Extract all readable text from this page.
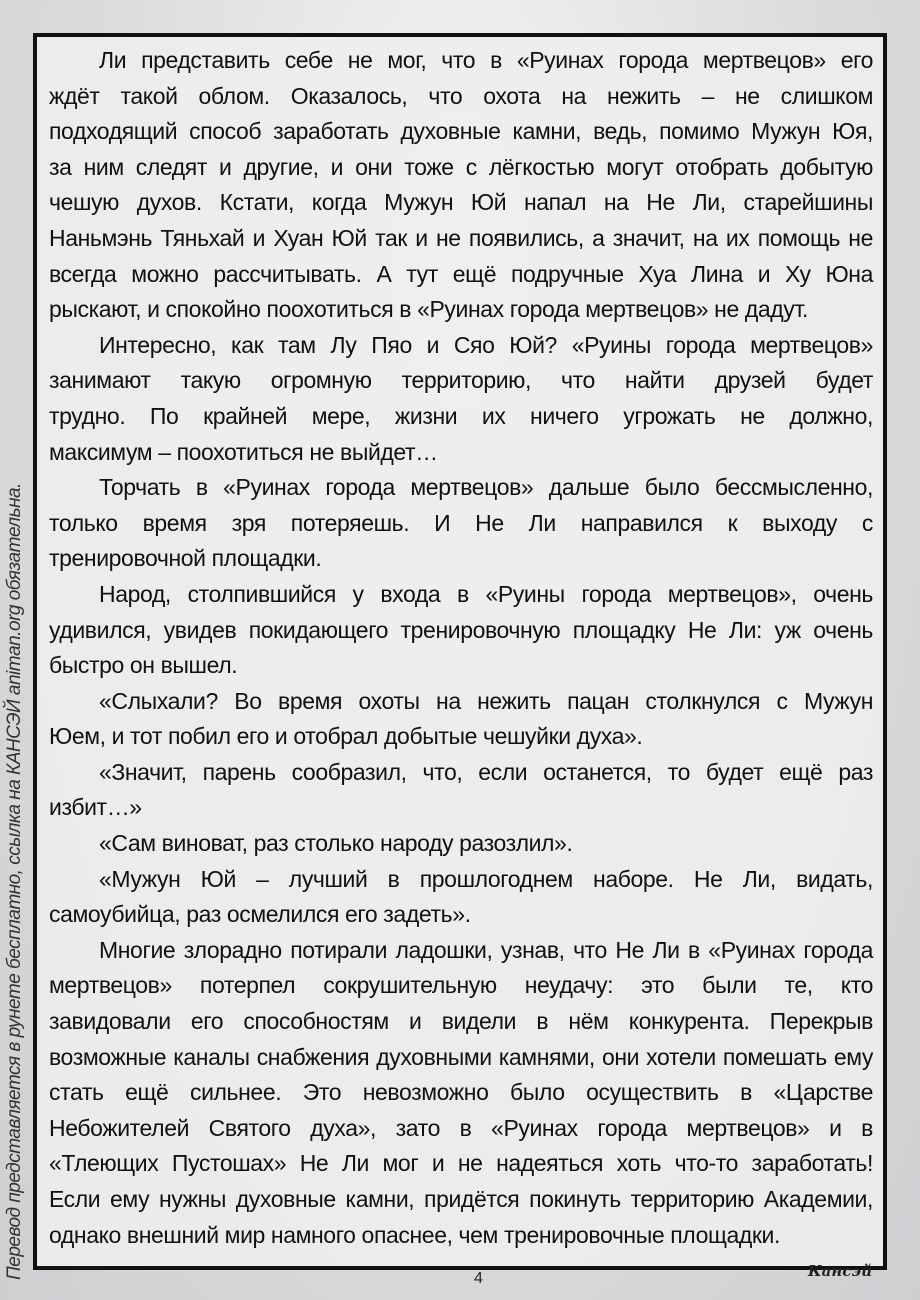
Перевод представляется в рунете бесплатно, ссылка на КАНСЭЙ animan.org обязательна.
Ли представить себе не мог, что в «Руинах города мертвецов» его
ждёт такой облом. Оказалось, что охота на нежить – не слишком
подходящий способ заработать духовные камни, ведь, помимо Мужун Юя,
за ним следят и другие, и они тоже с лёгкостью могут отобрать добытую
чешую духов. Кстати, когда Мужун Юй напал на Не Ли, старейшины
Наньмэнь Тяньхай и Хуан Юй так и не появились, а значит, на их помощь не
всегда можно рассчитывать. А тут ещё подручные Хуа Лина и Ху Юна
рыскают, и спокойно поохотиться в «Руинах города мертвецов» не дадут.
Интересно, как там Лу Пяо и Сяо Юй? «Руины города мертвецов»
занимают такую огромную территорию, что найти друзей будет
трудно. По крайней мере, жизни их ничего угрожать не должно,
максимум – поохотиться не выйдет…
Торчать в «Руинах города мертвецов» дальше было бессмысленно,
только время зря потеряешь. И Не Ли направился к выходу с
тренировочной площадки.
Народ, столпившийся у входа в «Руины города мертвецов», очень
удивился, увидев покидающего тренировочную площадку Не Ли: уж очень
быстро он вышел.
«Слыхали? Во время охоты на нежить пацан столкнулся с Мужун
Юем, и тот побил его и отобрал добытые чешуйки духа».
«Значит, парень сообразил, что, если останется, то будет ещё раз
избит…»
«Сам виноват, раз столько народу разозлил».
«Мужун Юй – лучший в прошлогоднем наборе. Не Ли, видать,
самоубийца, раз осмелился его задеть».
Многие злорадно потирали ладошки, узнав, что Не Ли в «Руинах города
мертвецов» потерпел сокрушительную неудачу: это были те, кто
завидовали его способностям и видели в нём конкурента. Перекрыв
возможные каналы снабжения духовными камнями, они хотели помешать ему
стать ещё сильнее. Это невозможно было осуществить в «Царстве
Небожителей Святого духа», зато в «Руинах города мертвецов» и в
«Тлеющих Пустошах» Не Ли мог и не надеяться хоть что-то заработать!
Если ему нужны духовные камни, придётся покинуть территорию Академии,
однако внешний мир намного опаснее, чем тренировочные площадки.
4	Кансэй
